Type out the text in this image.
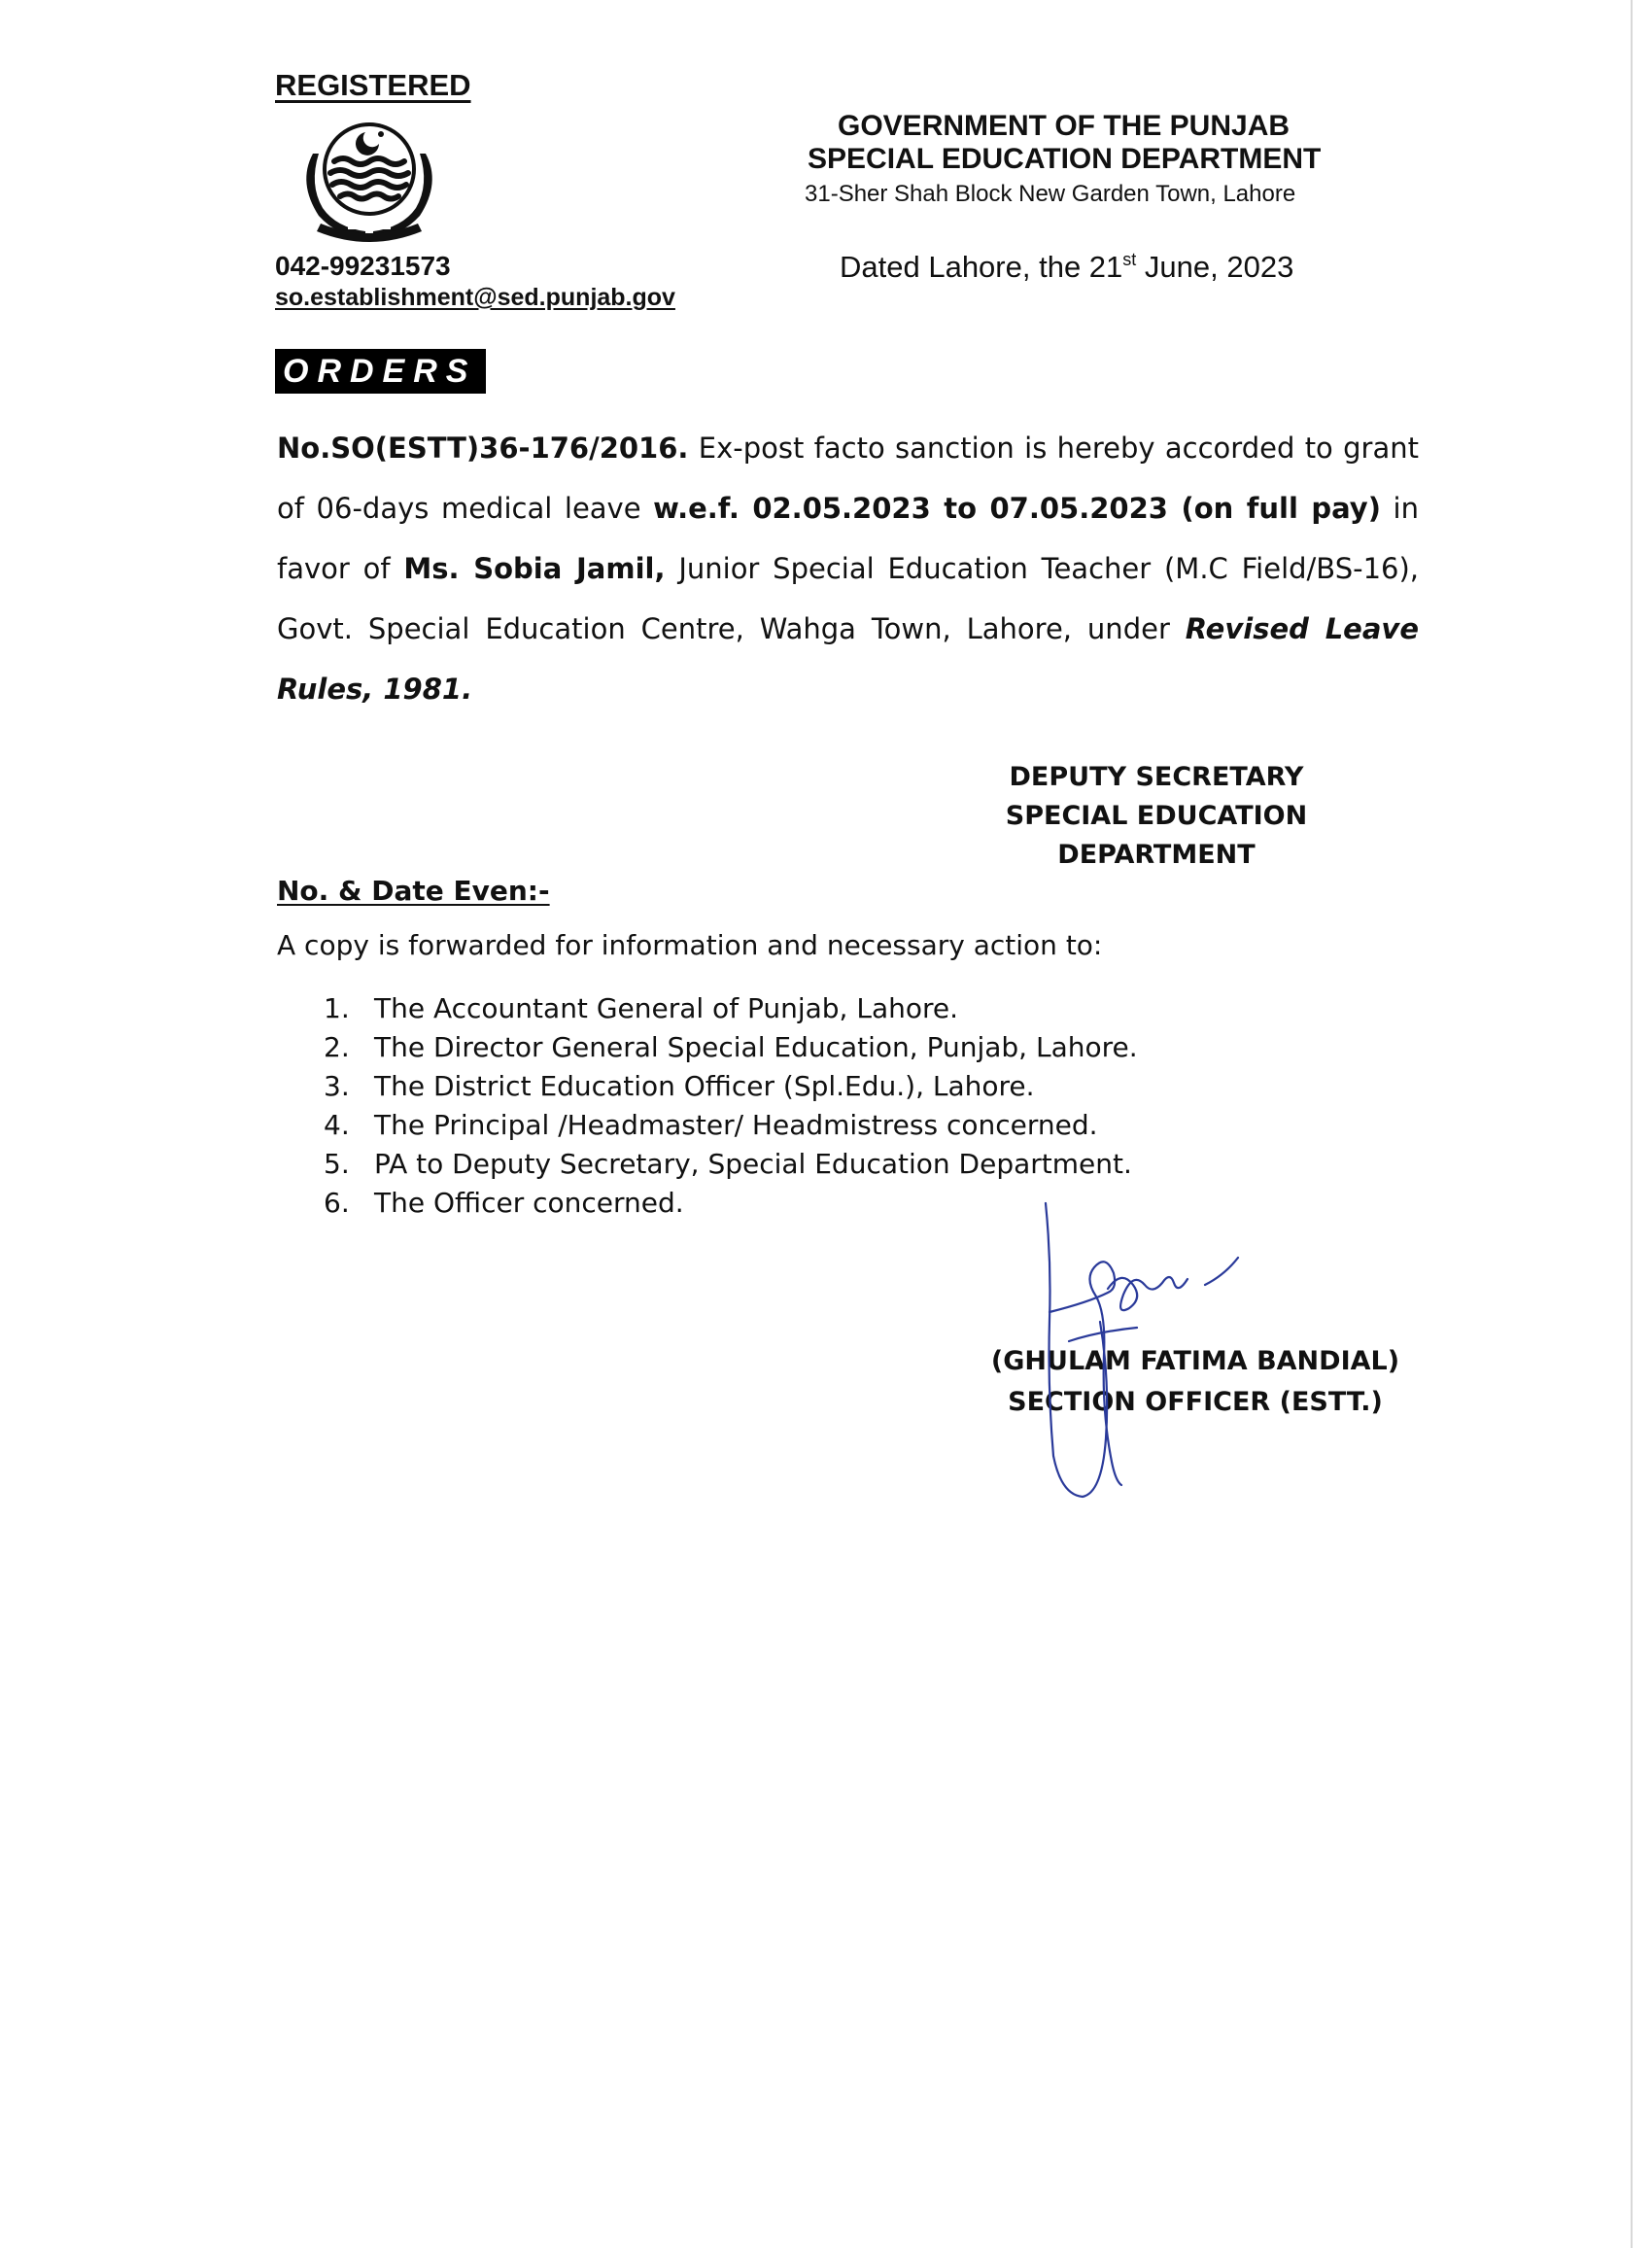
REGISTERED
042-99231573
so.establishment@sed.punjab.gov
GOVERNMENT OF THE PUNJAB
SPECIAL EDUCATION DEPARTMENT
31-Sher Shah Block New Garden Town, Lahore
Dated Lahore, the 21st June, 2023
ORDERS
No.SO(ESTT)36-176/2016. Ex-post facto sanction is hereby accorded to grant of 06-days medical leave w.e.f. 02.05.2023 to 07.05.2023 (on full pay) in favor of Ms. Sobia Jamil, Junior Special Education Teacher (M.C Field/BS-16), Govt. Special Education Centre, Wahga Town, Lahore, under Revised Leave Rules, 1981.
DEPUTY SECRETARY
SPECIAL EDUCATION
DEPARTMENT
No. & Date Even:-
A copy is forwarded for information and necessary action to:
1. The Accountant General of Punjab, Lahore.
2. The Director General Special Education, Punjab, Lahore.
3. The District Education Officer (Spl.Edu.), Lahore.
4. The Principal /Headmaster/ Headmistress concerned.
5. PA to Deputy Secretary, Special Education Department.
6. The Officer concerned.
(GHULAM FATIMA BANDIAL)
SECTION OFFICER (ESTT.)
